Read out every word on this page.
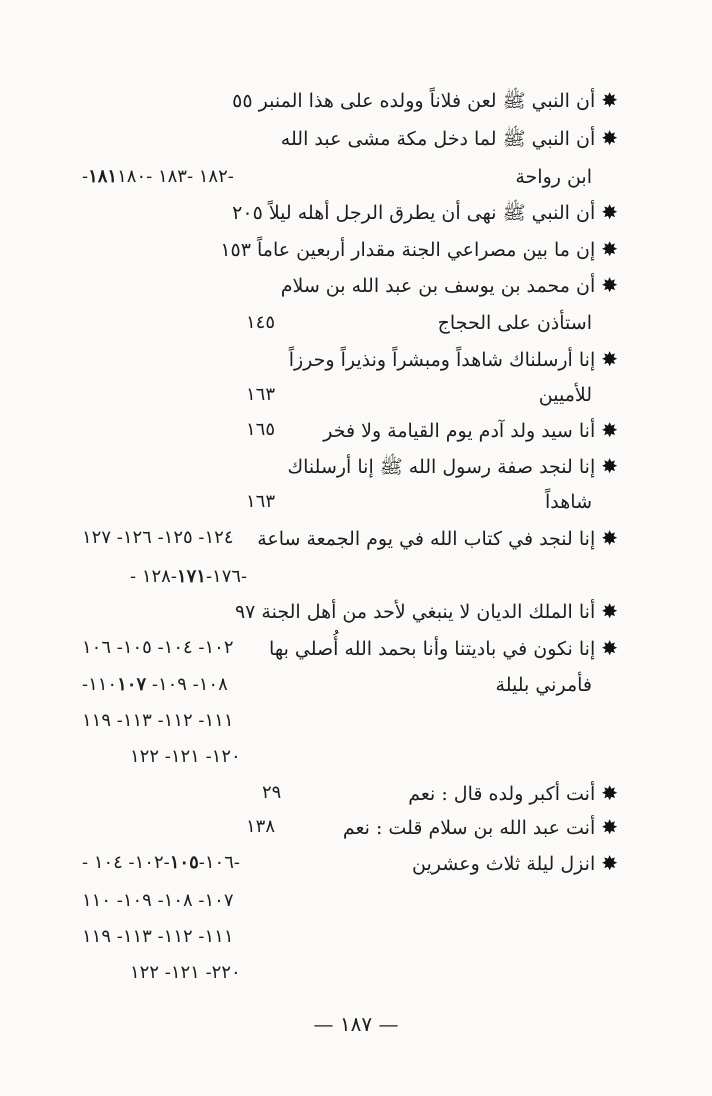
✸أن النبي ﷺ لعن فلاناً وولده على هذا المنبر ٥٥
✸أن النبي ﷺ لما دخل مكة مشى عبد الله
ابن رواحة
-١٨٢ -١٨٣ -١٨١١٨٠-
✸أن النبي ﷺ نهى أن يطرق الرجل أهله ليلاً ٢٠٥
✸إن ما بين مصراعي الجنة مقدار أربعين عاماً ١٥٣
✸أن محمد بن يوسف بن عبد الله بن سلام
استأذن على الحجاج
١٤٥
✸إنا أرسلناك شاهداً ومبشراً ونذيراً وحرزاً
للأميين
١٦٣
✸أنا سيد ولد آدم يوم القيامة ولا فخر
١٦٥
✸إنا لنجد صفة رسول الله ﷺ إنا أرسلناك
شاهداً
١٦٣
✸إنا لنجد في كتاب الله في يوم الجمعة ساعة
١٢٤- ١٢٥- ١٢٦- ١٢٧
- ١٧٦-١٧١-١٢٨-
✸أنا الملك الديان لا ينبغي لأحد من أهل الجنة ٩٧
✸إنا نكون في باديتنا وأنا بحمد الله أُصلي بها
١٠٢- ١٠٤- ١٠٥- ١٠٦
فأمرني بليلة
-١٠٨- ١٠٩- ١١٠١٠٧
١١١- ١١٢- ١١٣- ١١٩
١٢٠- ١٢١- ١٢٢
✸أنت أكبر ولده قال : نعم
٢٩
✸أنت عبد الله بن سلام قلت : نعم
١٣٨
✸انزل ليلة ثلاث وعشرين
- ١٠٦-١٠٥-١٠٢- ١٠٤-
١٠٧- ١٠٨- ١٠٩- ١١٠
١١١- ١١٢- ١١٣- ١١٩
٢٢٠- ١٢١- ١٢٢
— ١٨٧ —
